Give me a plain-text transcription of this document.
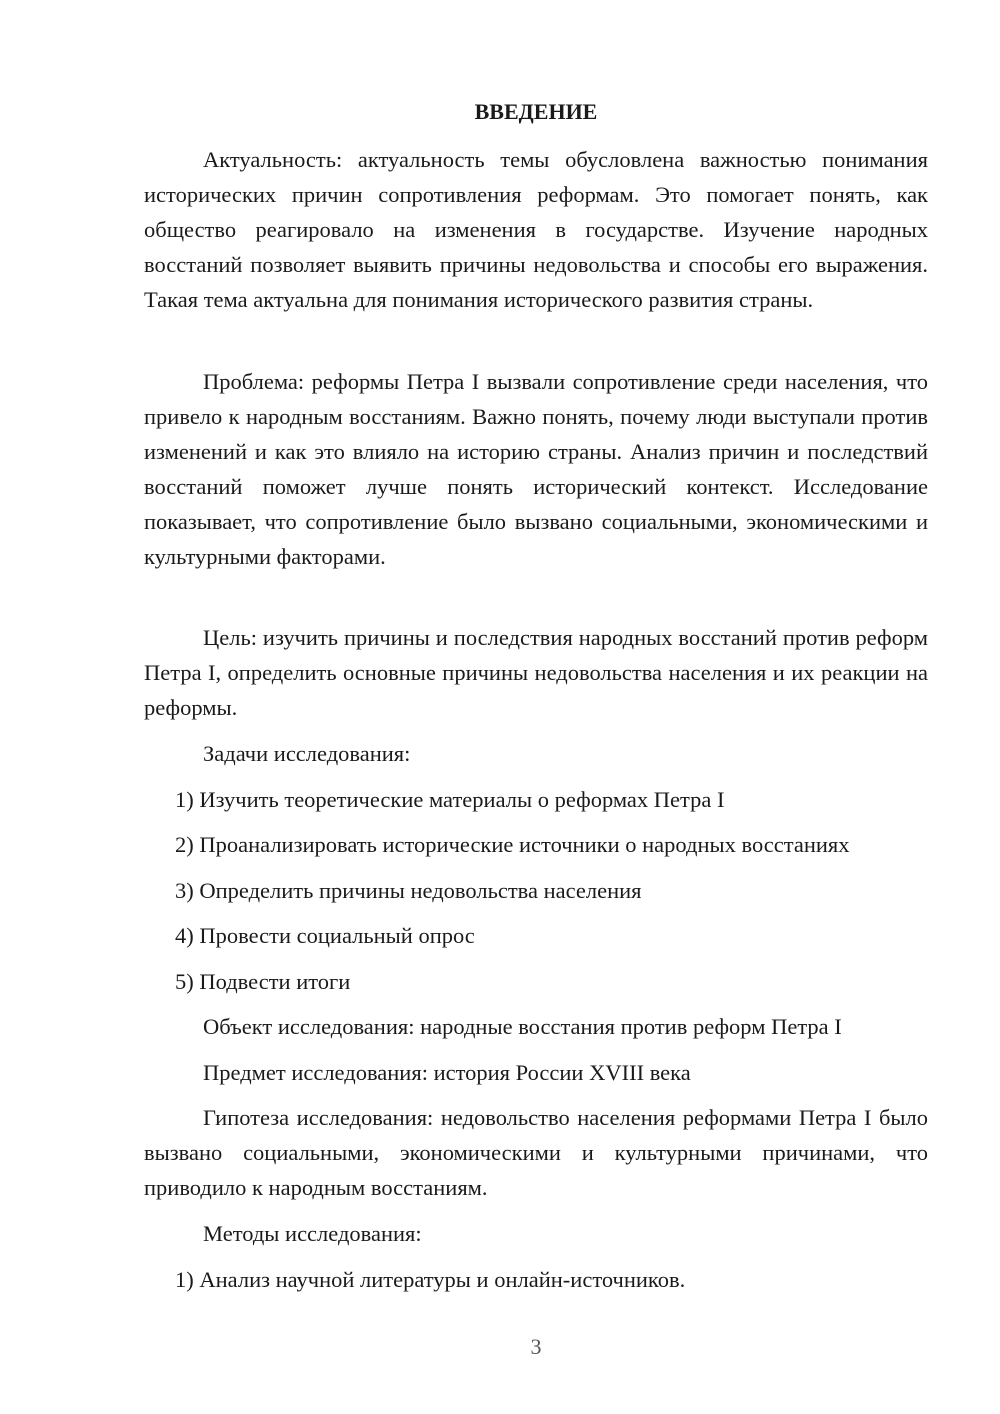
ВВЕДЕНИЕ

Актуальность: актуальность темы обусловлена важностью понимания исторических причин сопротивления реформам. Это помогает понять, как общество реагировало на изменения в государстве. Изучение народных восстаний позволяет выявить причины недовольства и способы его выражения. Такая тема актуальна для понимания исторического развития страны.

Проблема: реформы Петра I вызвали сопротивление среди населения, что привело к народным восстаниям. Важно понять, почему люди выступали против изменений и как это влияло на историю страны. Анализ причин и последствий восстаний поможет лучше понять исторический контекст. Исследование показывает, что сопротивление было вызвано социальными, экономическими и культурными факторами.

Цель: изучить причины и последствия народных восстаний против реформ Петра I, определить основные причины недовольства населения и их реакции на реформы.

Задачи исследования:

1) Изучить теоретические материалы о реформах Петра I

2) Проанализировать исторические источники о народных восстаниях

3) Определить причины недовольства населения

4) Провести социальный опрос

5) Подвести итоги

Объект исследования: народные восстания против реформ Петра I

Предмет исследования: история России XVIII века

Гипотеза исследования: недовольство населения реформами Петра I было вызвано социальными, экономическими и культурными причинами, что приводило к народным восстаниям.

Методы исследования:

1) Анализ научной литературы и онлайн-источников.

3
